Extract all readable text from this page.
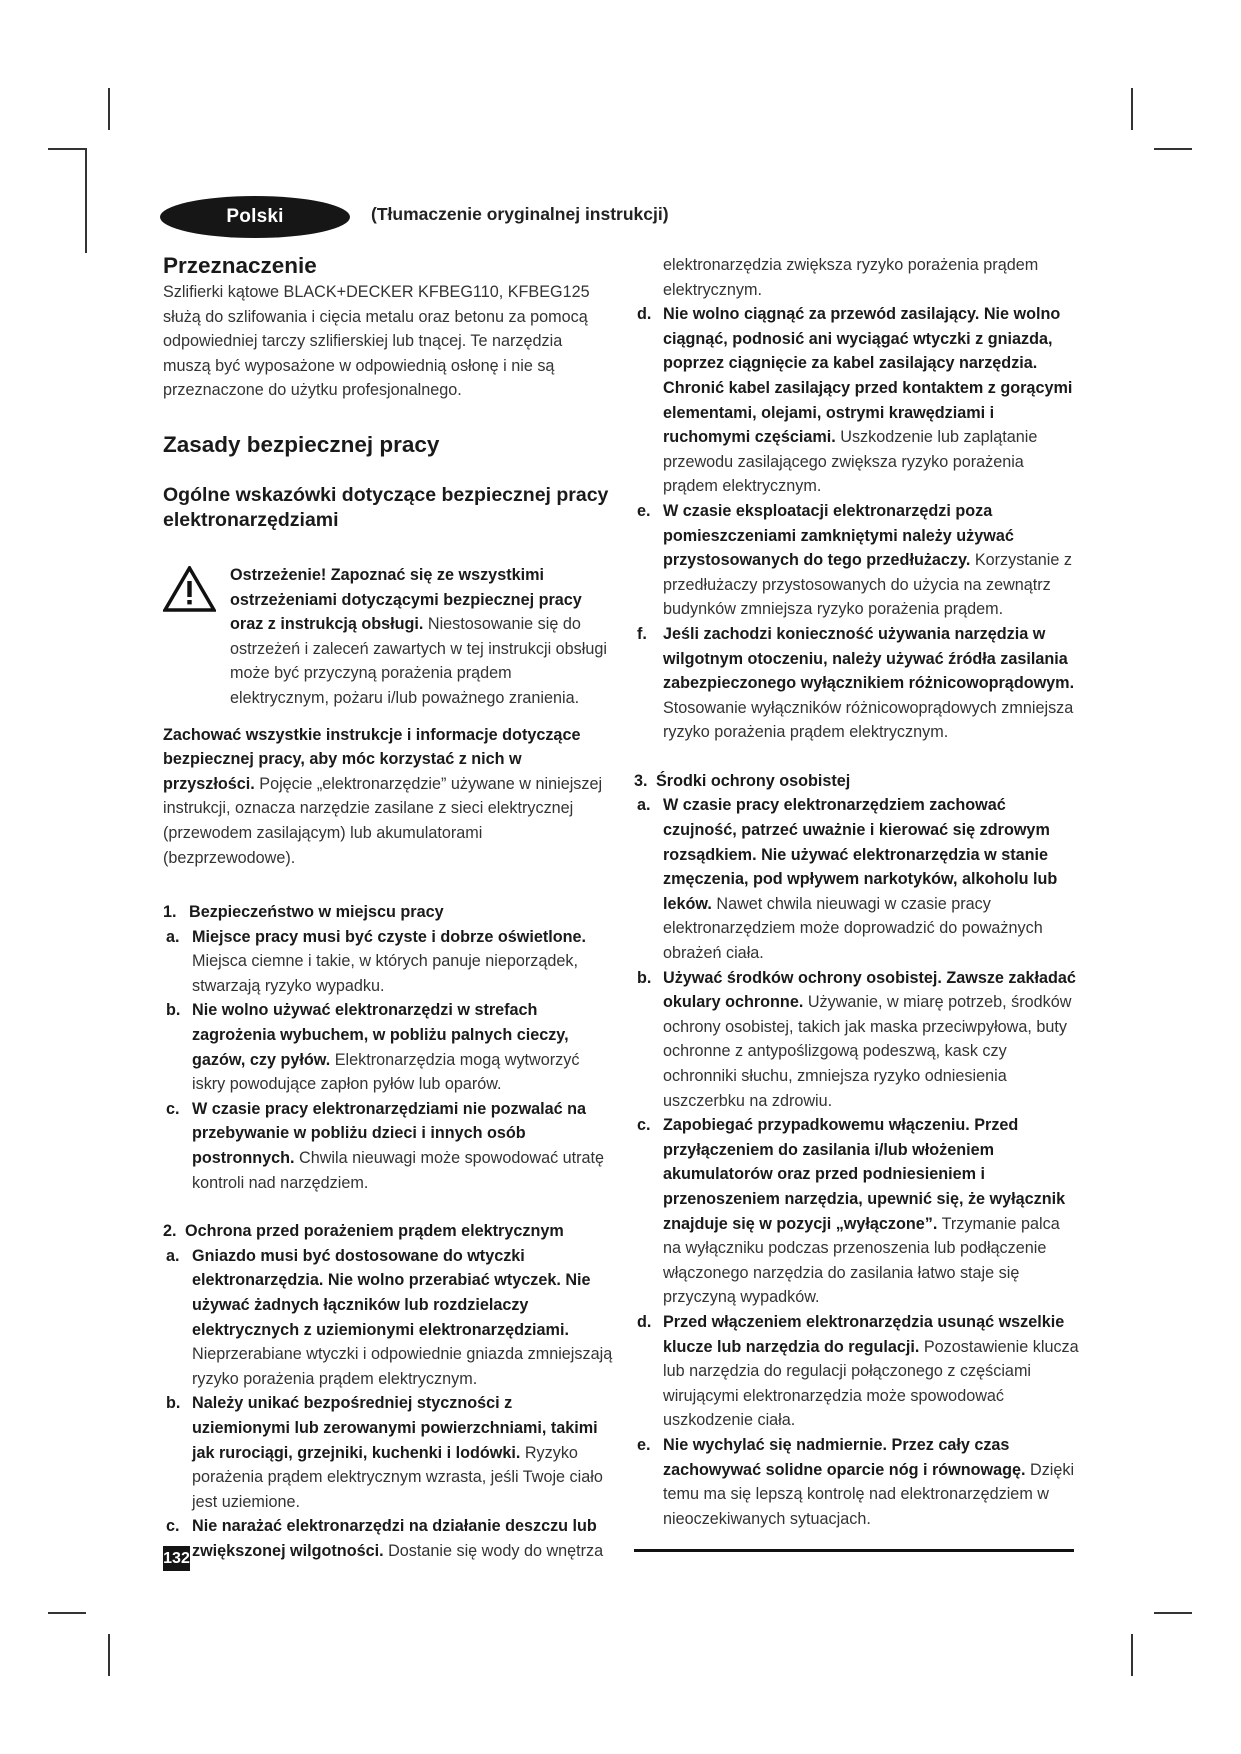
Polski	(Tłumaczenie oryginalnej instrukcji)
Przeznaczenie

Szlifierki kątowe BLACK+DECKER KFBEG110, KFBEG125 służą do szlifowania i cięcia metalu oraz betonu za pomocą odpowiedniej tarczy szlifierskiej lub tnącej. Te narzędzia muszą być wyposażone w odpowiednią osłonę i nie są przeznaczone do użytku profesjonalnego.

Zasady bezpiecznej pracy
Ogólne wskazówki dotyczące bezpiecznej pracy elektronarzędziami

Ostrzeżenie! Zapoznać się ze wszystkimi ostrzeżeniami dotyczącymi bezpiecznej pracy oraz z instrukcją obsługi. Niestosowanie się do ostrzeżeń i zaleceń zawartych w tej instrukcji obsługi może być przyczyną porażenia prądem elektrycznym, pożaru i/lub poważnego zranienia.

Zachować wszystkie instrukcje i informacje dotyczące bezpiecznej pracy, aby móc korzystać z nich w przyszłości. Pojęcie „elektronarzędzie” używane w niniejszej instrukcji, oznacza narzędzie zasilane z sieci elektrycznej (przewodem zasilającym) lub akumulatorami (bezprzewodowe).

1. Bezpieczeństwo w miejscu pracy
a. Miejsce pracy musi być czyste i dobrze oświetlone. Miejsca ciemne i takie, w których panuje nieporządek, stwarzają ryzyko wypadku.
b. Nie wolno używać elektronarzędzi w strefach zagrożenia wybuchem, w pobliżu palnych cieczy, gazów, czy pyłów. Elektronarzędzia mogą wytworzyć iskry powodujące zapłon pyłów lub oparów.
c. W czasie pracy elektronarzędziami nie pozwalać na przebywanie w pobliżu dzieci i innych osób postronnych. Chwila nieuwagi może spowodować utratę kontroli nad narzędziem.
2. Ochrona przed porażeniem prądem elektrycznym
a. Gniazdo musi być dostosowane do wtyczki elektronarzędzia. Nie wolno przerabiać wtyczek. Nie używać żadnych łączników lub rozdzielaczy elektrycznych z uziemionymi elektronarzędziami. Nieprzerabiane wtyczki i odpowiednie gniazda zmniejszają ryzyko porażenia prądem elektrycznym.
b. Należy unikać bezpośredniej styczności z uziemionymi lub zerowanymi powierzchniami, takimi jak rurociągi, grzejniki, kuchenki i lodówki. Ryzyko porażenia prądem elektrycznym wzrasta, jeśli Twoje ciało jest uziemione.
c. Nie narażać elektronarzędzi na działanie deszczu lub zwiększonej wilgotności. Dostanie się wody do wnętrza
elektronarzędzia zwiększa ryzyko porażenia prądem elektrycznym.
d. Nie wolno ciągnąć za przewód zasilający. Nie wolno ciągnąć, podnosić ani wyciągać wtyczki z gniazda, poprzez ciągnięcie za kabel zasilający narzędzia. Chronić kabel zasilający przed kontaktem z gorącymi elementami, olejami, ostrymi krawędziami i ruchomymi częściami. Uszkodzenie lub zaplątanie przewodu zasilającego zwiększa ryzyko porażenia prądem elektrycznym.
e. W czasie eksploatacji elektronarzędzi poza pomieszczeniami zamkniętymi należy używać przystosowanych do tego przedłużaczy. Korzystanie z przedłużaczy przystosowanych do użycia na zewnątrz budynków zmniejsza ryzyko porażenia prądem.
f. Jeśli zachodzi konieczność używania narzędzia w wilgotnym otoczeniu, należy używać źródła zasilania zabezpieczonego wyłącznikiem różnicowoprądowym. Stosowanie wyłączników różnicowoprądowych zmniejsza ryzyko porażenia prądem elektrycznym.
3. Środki ochrony osobistej
a. W czasie pracy elektronarzędziem zachować czujność, patrzeć uważnie i kierować się zdrowym rozsądkiem. Nie używać elektronarzędzia w stanie zmęczenia, pod wpływem narkotyków, alkoholu lub leków. Nawet chwila nieuwagi w czasie pracy elektronarzędziem może doprowadzić do poważnych obrażeń ciała.
b. Używać środków ochrony osobistej. Zawsze zakładać okulary ochronne. Używanie, w miarę potrzeb, środków ochrony osobistej, takich jak maska przeciwpyłowa, buty ochronne z antypoślizgową podeszwą, kask czy ochronniki słuchu, zmniejsza ryzyko odniesienia uszczerbku na zdrowiu.
c. Zapobiegać przypadkowemu włączeniu. Przed przyłączeniem do zasilania i/lub włożeniem akumulatorów oraz przed podniesieniem i przenoszeniem narzędzia, upewnić się, że wyłącznik znajduje się w pozycji „wyłączone”. Trzymanie palca na wyłączniku podczas przenoszenia lub podłączenie włączonego narzędzia do zasilania łatwo staje się przyczyną wypadków.
d. Przed włączeniem elektronarzędzia usunąć wszelkie klucze lub narzędzia do regulacji. Pozostawienie klucza lub narzędzia do regulacji połączonego z częściami wirującymi elektronarzędzia może spowodować uszkodzenie ciała.
e. Nie wychylać się nadmiernie. Przez cały czas zachowywać solidne oparcie nóg i równowagę. Dzięki temu ma się lepszą kontrolę nad elektronarzędziem w nieoczekiwanych sytuacjach.
132
